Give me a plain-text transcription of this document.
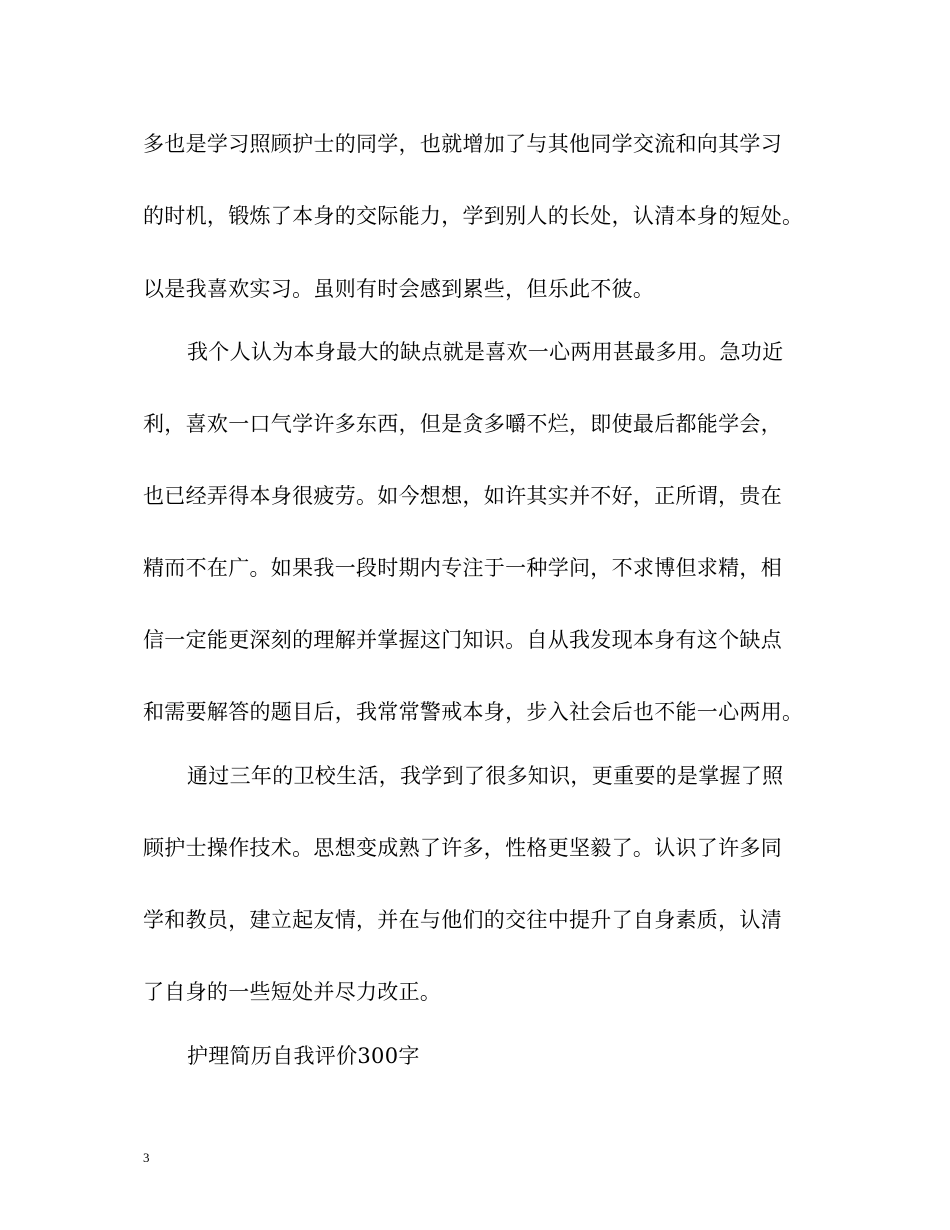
多也是学习照顾护士的同学，也就增加了与其他同学交流和向其学习
的时机，锻炼了本身的交际能力，学到别人的长处，认清本身的短处。
以是我喜欢实习。虽则有时会感到累些，但乐此不彼。
我个人认为本身最大的缺点就是喜欢一心两用甚最多用。急功近
利，喜欢一口气学许多东西，但是贪多嚼不烂，即使最后都能学会，
也已经弄得本身很疲劳。如今想想，如许其实并不好，正所谓，贵在
精而不在广。如果我一段时期内专注于一种学问，不求博但求精，相
信一定能更深刻的理解并掌握这门知识。自从我发现本身有这个缺点
和需要解答的题目后，我常常警戒本身，步入社会后也不能一心两用。
通过三年的卫校生活，我学到了很多知识，更重要的是掌握了照
顾护士操作技术。思想变成熟了许多，性格更坚毅了。认识了许多同
学和教员，建立起友情，并在与他们的交往中提升了自身素质，认清
了自身的一些短处并尽力改正。
护理简历自我评价300字
3
